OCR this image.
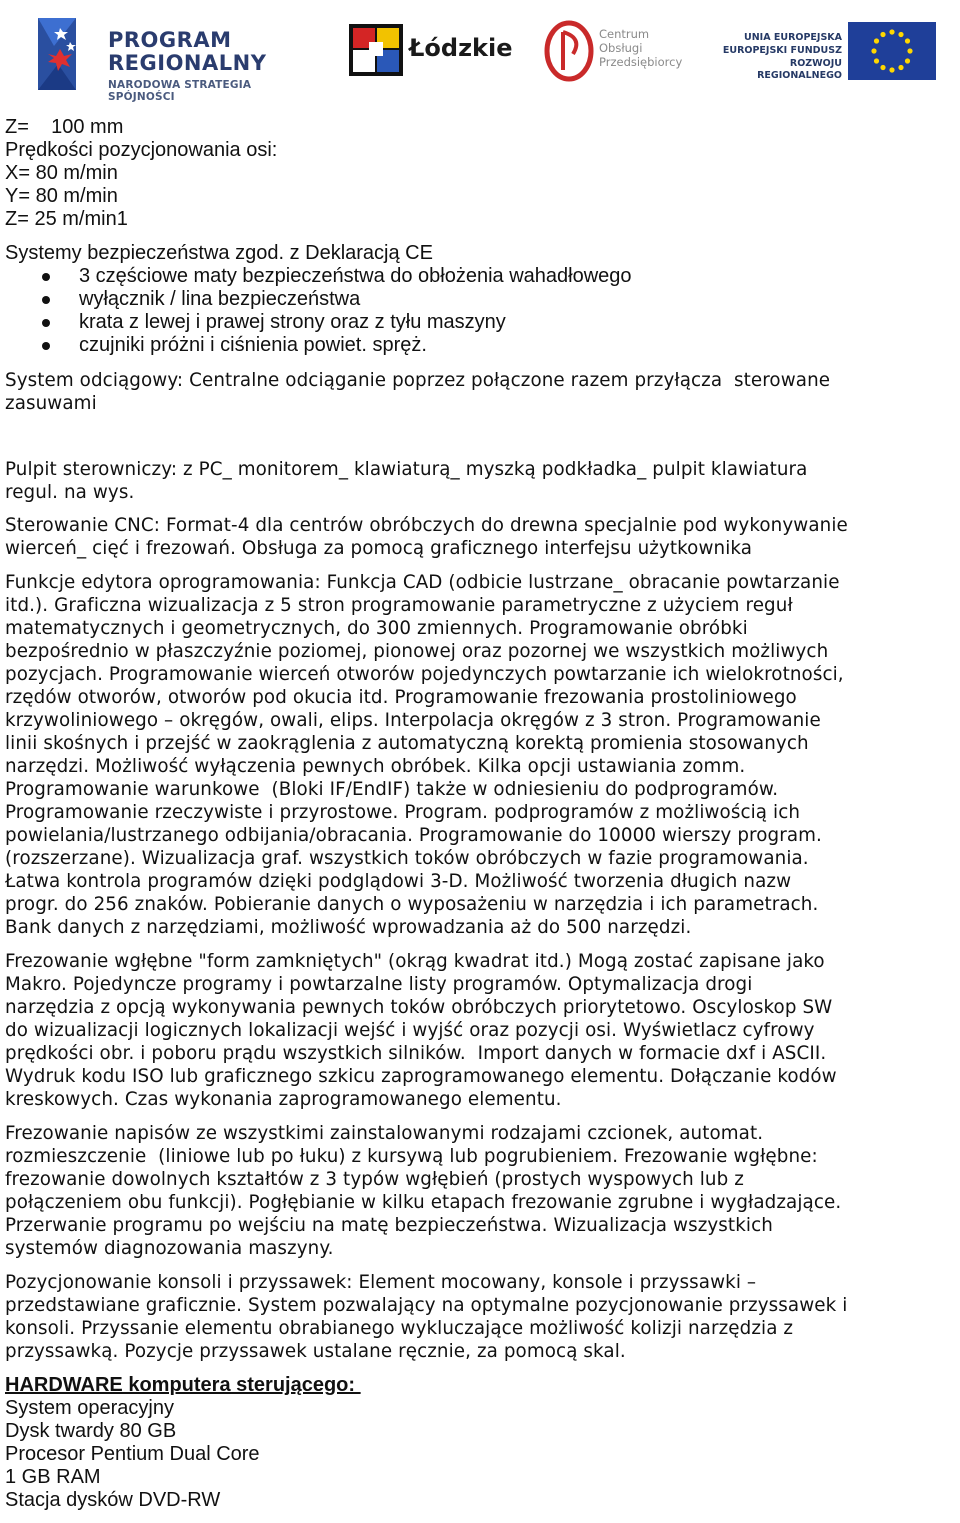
PROGRAM
REGIONALNY
NARODOWA STRATEGIA SPÓJNOŚCI
Łódzkie	Centrum
Obsługi
Przedsiębiorcy
UNIA EUROPEJSKA
EUROPEJSKI FUNDUSZ
ROZWOJU REGIONALNEGO
Z=    100 mm
Prędkości pozycjonowania osi:
X= 80 m/min
Y= 80 m/min
Z= 25 m/min1
Systemy bezpieczeństwa zgod. z Deklaracją CE
3 częściowe maty bezpieczeństwa do obłożenia wahadłowego
wyłącznik / lina bezpieczeństwa
krata z lewej i prawej strony oraz z tyłu maszyny
czujniki próżni i ciśnienia powiet. spręż.
System odciągowy: Centralne odciąganie poprzez połączone razem przyłącza  sterowane
zasuwami
Pulpit sterowniczy: z PC_ monitorem_ klawiaturą_ myszką podkładka_ pulpit klawiatura
regul. na wys.
Sterowanie CNC: Format-4 dla centrów obróbczych do drewna specjalnie pod wykonywanie
wierceń_ cięć i frezowań. Obsługa za pomocą graficznego interfejsu użytkownika
Funkcje edytora oprogramowania: Funkcja CAD (odbicie lustrzane_ obracanie powtarzanie
itd.). Graficzna wizualizacja z 5 stron programowanie parametryczne z użyciem reguł
matematycznych i geometrycznych, do 300 zmiennych. Programowanie obróbki
bezpośrednio w płaszczyźnie poziomej, pionowej oraz pozornej we wszystkich możliwych
pozycjach. Programowanie wierceń otworów pojedynczych powtarzanie ich wielokrotności,
rzędów otworów, otworów pod okucia itd. Programowanie frezowania prostoliniowego
krzywoliniowego – okręgów, owali, elips. Interpolacja okręgów z 3 stron. Programowanie
linii skośnych i przejść w zaokrąglenia z automatyczną korektą promienia stosowanych
narzędzi. Możliwość wyłączenia pewnych obróbek. Kilka opcji ustawiania zomm.
Programowanie warunkowe  (Bloki IF/EndIF) także w odniesieniu do podprogramów.
Programowanie rzeczywiste i przyrostowe. Program. podprogramów z możliwością ich
powielania/lustrzanego odbijania/obracania. Programowanie do 10000 wierszy program.
(rozszerzane). Wizualizacja graf. wszystkich toków obróbczych w fazie programowania.
Łatwa kontrola programów dzięki podglądowi 3-D. Możliwość tworzenia długich nazw
progr. do 256 znaków. Pobieranie danych o wyposażeniu w narzędzia i ich parametrach.
Bank danych z narzędziami, możliwość wprowadzania aż do 500 narzędzi.
Frezowanie wgłębne "form zamkniętych" (okrąg kwadrat itd.) Mogą zostać zapisane jako
Makro. Pojedyncze programy i powtarzalne listy programów. Optymalizacja drogi
narzędzia z opcją wykonywania pewnych toków obróbczych priorytetowo. Oscyloskop SW
do wizualizacji logicznych lokalizacji wejść i wyjść oraz pozycji osi. Wyświetlacz cyfrowy
prędkości obr. i poboru prądu wszystkich silników.  Import danych w formacie dxf i ASCII.
Wydruk kodu ISO lub graficznego szkicu zaprogramowanego elementu. Dołączanie kodów
kreskowych. Czas wykonania zaprogramowanego elementu.
Frezowanie napisów ze wszystkimi zainstalowanymi rodzajami czcionek, automat.
rozmieszczenie  (liniowe lub po łuku) z kursywą lub pogrubieniem. Frezowanie wgłębne:
frezowanie dowolnych kształtów z 3 typów wgłębień (prostych wyspowych lub z
połączeniem obu funkcji). Pogłębianie w kilku etapach frezowanie zgrubne i wygładzające.
Przerwanie programu po wejściu na matę bezpieczeństwa. Wizualizacja wszystkich
systemów diagnozowania maszyny.
Pozycjonowanie konsoli i przyssawek: Element mocowany, konsole i przyssawki –
przedstawiane graficznie. System pozwalający na optymalne pozycjonowanie przyssawek i
konsoli. Przyssanie elementu obrabianego wykluczające możliwość kolizji narzędzia z
przyssawką. Pozycje przyssawek ustalane ręcznie, za pomocą skal.
HARDWARE komputera sterującego:
System operacyjny
Dysk twardy 80 GB
Procesor Pentium Dual Core
1 GB RAM
Stacja dysków DVD-RW
